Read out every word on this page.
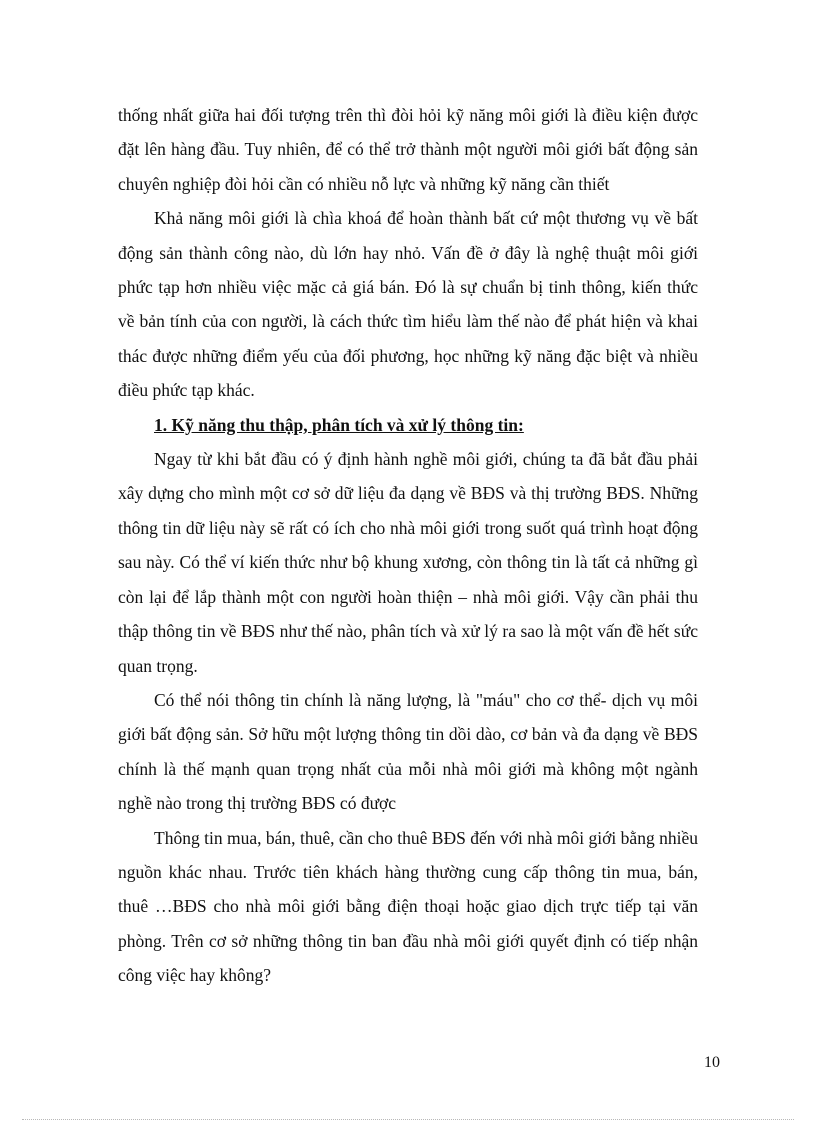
thống nhất giữa hai đối tượng trên thì đòi hỏi kỹ năng môi giới là điều kiện được đặt lên hàng đầu. Tuy nhiên, để có thể trở thành một người môi giới bất động sản chuyên nghiệp đòi hỏi cần có nhiều nỗ lực và những kỹ năng cần thiết

Khả năng môi giới là chìa khoá để hoàn thành bất cứ một thương vụ về bất động sản thành công nào, dù lớn hay nhỏ. Vấn đề ở đây là nghệ thuật môi giới phức tạp hơn nhiều việc mặc cả giá bán. Đó là sự chuẩn bị tinh thông, kiến thức về bản tính của con người, là cách thức tìm hiểu làm thế nào để phát hiện và khai thác được những điểm yếu của đối phương, học những kỹ năng đặc biệt và nhiều điều phức tạp khác.

1. Kỹ năng thu thập, phân tích và xử lý thông tin:

Ngay từ khi bắt đầu có ý định hành nghề môi giới, chúng ta đã bắt đầu phải xây dựng cho mình một cơ sở dữ liệu đa dạng về BĐS và thị trường BĐS. Những thông tin dữ liệu này sẽ rất có ích cho nhà môi giới trong suốt quá trình hoạt động sau này. Có thể ví kiến thức như bộ khung xương, còn thông tin là tất cả những gì còn lại để lắp thành một con người hoàn thiện – nhà môi giới. Vậy cần phải thu thập thông tin về BĐS như thế nào, phân tích và xử lý ra sao là một vấn đề hết sức quan trọng.

Có thể nói thông tin chính là năng lượng, là "máu" cho cơ thể- dịch vụ môi giới bất động sản. Sở hữu một lượng thông tin dồi dào, cơ bản và đa dạng về BĐS chính là thế mạnh quan trọng nhất của mỗi nhà môi giới mà không một ngành nghề nào trong thị trường BĐS có được

Thông tin mua, bán, thuê, cần cho thuê BĐS đến với nhà môi giới bằng nhiều nguồn khác nhau. Trước tiên khách hàng thường cung cấp thông tin mua, bán, thuê …BĐS cho nhà môi giới bằng điện thoại hoặc giao dịch trực tiếp tại văn phòng. Trên cơ sở những thông tin ban đầu nhà môi giới quyết định có tiếp nhận công việc hay không?

10
